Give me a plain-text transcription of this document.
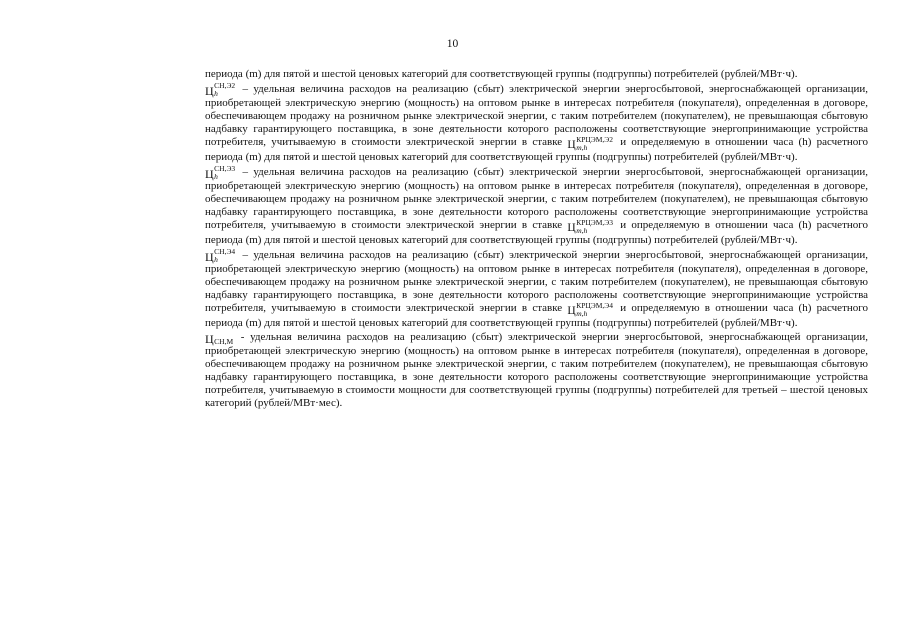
10

периода (m) для пятой и шестой ценовых категорий для соответствующей группы (подгруппы) потребителей (рублей/МВт·ч).

Ц СН,Э2
h	– удельная величина расходов на реализацию (сбыт) электрической энергии энергосбытовой, энергоснабжающей организации, приобретающей электрическую энергию (мощность) на оптовом рынке в интересах потребителя (покупателя), определенная в договоре, обеспечивающем продажу на розничном рынке электрической энергии, с таким потребителем (покупателем), не превышающая сбытовую надбавку гарантирующего поставщика, в зоне деятельности которого расположены соответствующие энергопринимающие устройства потребителя, учитываемую в стоимости электрической энергии в ставке Ц КРЦЭМ,Э2
m,h	и определяемую в отношении часа (h) расчетного периода (m) для пятой и шестой ценовых категорий для соответствующей группы (подгруппы) потребителей (рублей/МВт·ч).

Ц СН,Э3
h	– удельная величина расходов на реализацию (сбыт) электрической энергии энергосбытовой, энергоснабжающей организации, приобретающей электрическую энергию (мощность) на оптовом рынке в интересах потребителя (покупателя), определенная в договоре, обеспечивающем продажу на розничном рынке электрической энергии, с таким потребителем (покупателем), не превышающая сбытовую надбавку гарантирующего поставщика, в зоне деятельности которого расположены соответствующие энергопринимающие устройства потребителя, учитываемую в стоимости электрической энергии в ставке Ц КРЦЭМ,Э3
m,h	и определяемую в отношении часа (h) расчетного периода (m) для пятой и шестой ценовых категорий для соответствующей группы (подгруппы) потребителей (рублей/МВт·ч).

Ц СН,Э4
h	– удельная величина расходов на реализацию (сбыт) электрической энергии энергосбытовой, энергоснабжающей организации, приобретающей электрическую энергию (мощность) на оптовом рынке в интересах потребителя (покупателя), определенная в договоре, обеспечивающем продажу на розничном рынке электрической энергии, с таким потребителем (покупателем), не превышающая сбытовую надбавку гарантирующего поставщика, в зоне деятельности которого расположены соответствующие энергопринимающие устройства потребителя, учитываемую в стоимости электрической энергии в ставке Ц КРЦЭМ,Э4
m,h	и определяемую в отношении часа (h) расчетного периода (m) для пятой и шестой ценовых категорий для соответствующей группы (подгруппы) потребителей (рублей/МВт·ч).

Ц СН,М - удельная величина расходов на реализацию (сбыт) электрической энергии энергосбытовой, энергоснабжающей организации, приобретающей электрическую энергию (мощность) на оптовом рынке в интересах потребителя (покупателя), определенная в договоре, обеспечивающем продажу на розничном рынке электрической энергии, с таким потребителем (покупателем), не превышающая сбытовую надбавку гарантирующего поставщика, в зоне деятельности которого расположены соответствующие энергопринимающие устройства потребителя, учитываемую в стоимости мощности для соответствующей группы (подгруппы) потребителей для третьей – шестой ценовых категорий (рублей/МВт·мес).
